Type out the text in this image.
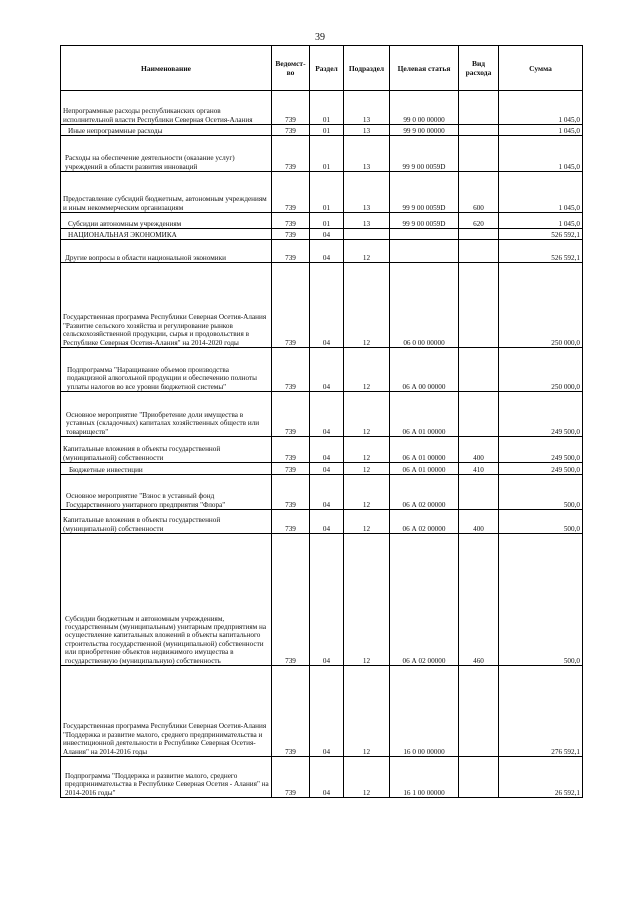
39
Наименование	Ведомст-во	Раздел	Подраздел	Целевая статья	Вид расхода	Сумма
Непрограммные расходы республиканских органов исполнительной власти Республики Северная Осетия-Алания	739	01	13	99 0 00 00000		1 045,0
Иные непрограммные расходы	739	01	13	99 9 00 00000		1 045,0
Расходы на обеспечение деятельности (оказание услуг) учреждений в области развития инноваций	739	01	13	99 9 00 0059D		1 045,0
Предоставление субсидий бюджетным, автономным учреждениям и иным некоммерческим организациям	739	01	13	99 9 00 0059D	600	1 045,0
Субсидии автономным учреждениям	739	01	13	99 9 00 0059D	620	1 045,0
НАЦИОНАЛЬНАЯ ЭКОНОМИКА	739	04				526 592,1
Другие вопросы в области национальной экономики	739	04	12			526 592,1
Государственная программа Республики Северная Осетия-Алания "Развитие сельского хозяйства и регулирование рынков сельскохозяйственной продукции, сырья и продовольствия в Республике Северная Осетия-Алания" на 2014-2020 годы	739	04	12	06 0 00 00000		250 000,0
Подпрограмма "Наращивание объемов производства подакцизной алкогольной продукции и обеспечению полноты уплаты налогов во все уровни бюджетной системы"	739	04	12	06 А 00 00000		250 000,0
Основное мероприятие "Приобретение доли имущества в уставных (складочных) капиталах хозяйственных обществ или товариществ"	739	04	12	06 А 01 00000		249 500,0
Капитальные вложения в объекты государственной (муниципальной) собственности	739	04	12	06 А 01 00000	400	249 500,0
Бюджетные инвестиции	739	04	12	06 А 01 00000	410	249 500,0
Основное мероприятие "Взнос в уставный фонд Государственного унитарного предприятия "Флора"	739	04	12	06 А 02 00000		500,0
Капитальные вложения в объекты государственной (муниципальной) собственности	739	04	12	06 А 02 00000	400	500,0
Субсидии бюджетным и автономным учреждениям, государственным (муниципальным) унитарным предприятиям на осуществление капитальных вложений в объекты капитального строительства государственной (муниципальной) собственности или приобретение объектов недвижимого имущества в государственную (муниципальную) собственность	739	04	12	06 А 02 00000	460	500,0
Государственная программа Республики Северная Осетия-Алания "Поддержка и развитие малого, среднего предпринимательства и инвестиционной деятельности в Республике Северная Осетия-Алания" на 2014-2016 годы	739	04	12	16 0 00 00000		276 592,1
Подпрограмма "Поддержка и развитие малого, среднего предпринимательства в Республике Северная Осетия - Алания" на 2014-2016 годы"	739	04	12	16 1 00 00000		26 592,1
